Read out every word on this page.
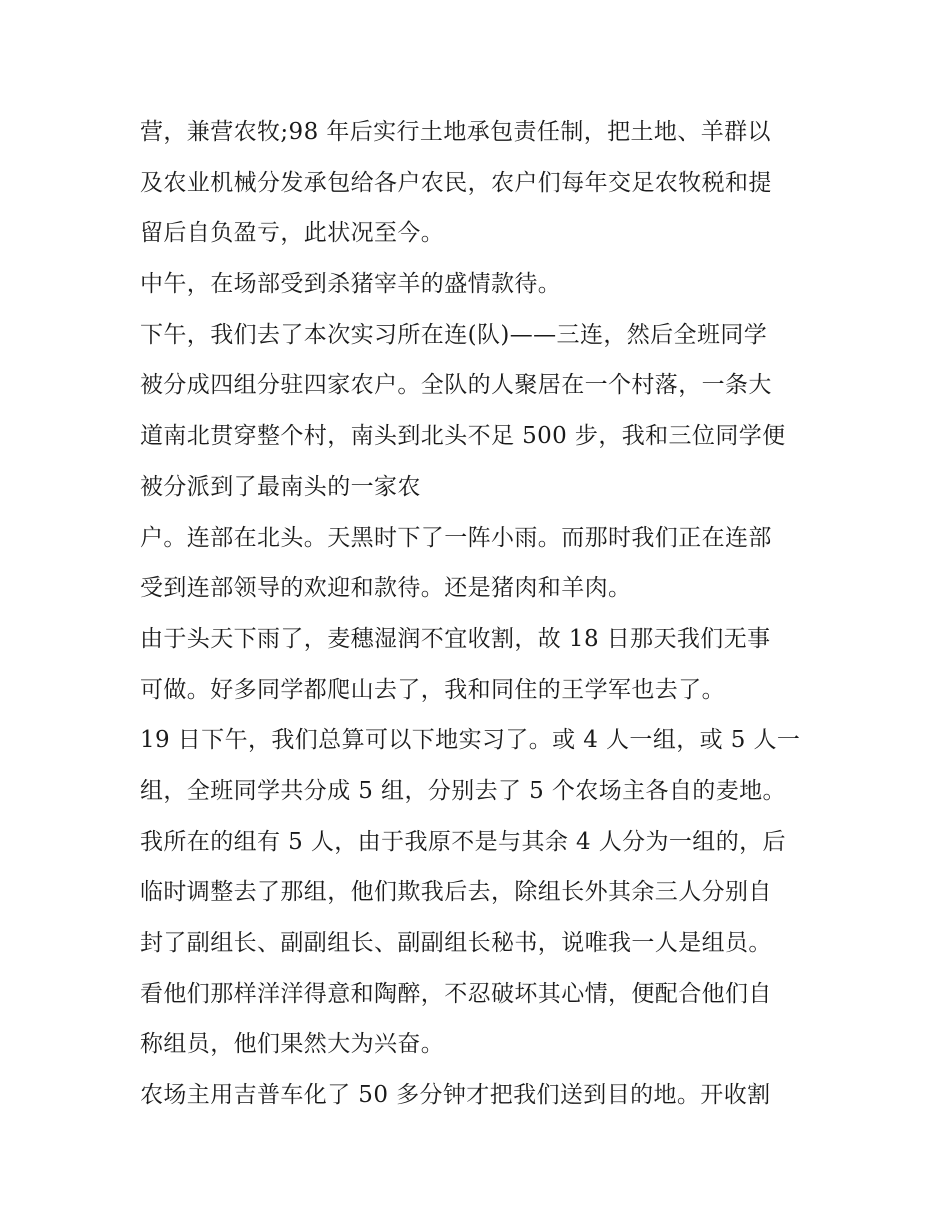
营，兼营农牧;98 年后实行土地承包责任制，把土地、羊群以
及农业机械分发承包给各户农民，农户们每年交足农牧税和提
留后自负盈亏，此状况至今。
中午，在场部受到杀猪宰羊的盛情款待。
下午，我们去了本次实习所在连(队)——三连，然后全班同学
被分成四组分驻四家农户。全队的人聚居在一个村落，一条大
道南北贯穿整个村，南头到北头不足 500 步，我和三位同学便
被分派到了最南头的一家农
户。连部在北头。天黑时下了一阵小雨。而那时我们正在连部
受到连部领导的欢迎和款待。还是猪肉和羊肉。
由于头天下雨了，麦穗湿润不宜收割，故 18 日那天我们无事
可做。好多同学都爬山去了，我和同住的王学军也去了。
19 日下午，我们总算可以下地实习了。或 4 人一组，或 5 人一
组，全班同学共分成 5 组，分别去了 5 个农场主各自的麦地。
我所在的组有 5 人，由于我原不是与其余 4 人分为一组的，后
临时调整去了那组，他们欺我后去，除组长外其余三人分别自
封了副组长、副副组长、副副组长秘书，说唯我一人是组员。
看他们那样洋洋得意和陶醉，不忍破坏其心情，便配合他们自
称组员，他们果然大为兴奋。
农场主用吉普车化了 50 多分钟才把我们送到目的地。开收割
